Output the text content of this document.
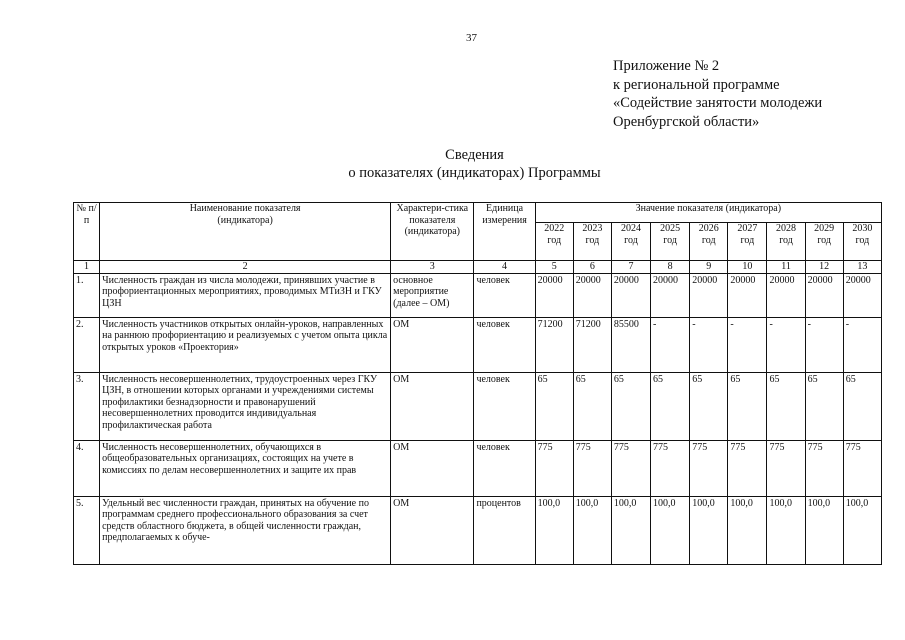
37
Приложение № 2
к региональной программе
«Содействие занятости молодежи
Оренбургской области»
Сведения
о показателях (индикаторах) Программы
№ п/п	Наименование показателя (индикатора)	Характери-стика показателя (индикатора)	Единица измерения	Значение показателя (индикатора)								
				2022 год	2023 год	2024 год	2025 год	2026 год	2027 год	2028 год	2029 год	2030 год
1	2	3	4	5	6	7	8	9	10	11	12	13
1.	Численность граждан из числа молодежи, принявших участие в профориентационных мероприятиях, проводимых МТиЗН и ГКУ ЦЗН	основное мероприятие (далее – ОМ)	человек	20000	20000	20000	20000	20000	20000	20000	20000	20000
2.	Численность участников открытых онлайн-уроков, направленных на раннюю профориентацию и реализуемых с учетом опыта цикла открытых уроков «Проектория»	ОМ	человек	71200	71200	85500	-	-	-	-	-	-
3.	Численность несовершеннолетних, трудоустроенных через ГКУ ЦЗН, в отношении которых органами и учреждениями системы профилактики безнадзорности и правонарушений несовершеннолетних проводится индивидуальная профилактическая работа	ОМ	человек	65	65	65	65	65	65	65	65	65
4.	Численность несовершеннолетних, обучающихся в общеобразовательных организациях, состоящих на учете в комиссиях по делам несовершеннолетних и защите их прав	ОМ	человек	775	775	775	775	775	775	775	775	775
5.	Удельный вес численности граждан, принятых на обучение по программам среднего профессионального образования за счет средств областного бюджета, в общей численности граждан, предполагаемых к обуче-	ОМ	процентов	100,0	100,0	100,0	100,0	100,0	100,0	100,0	100,0	100,0
